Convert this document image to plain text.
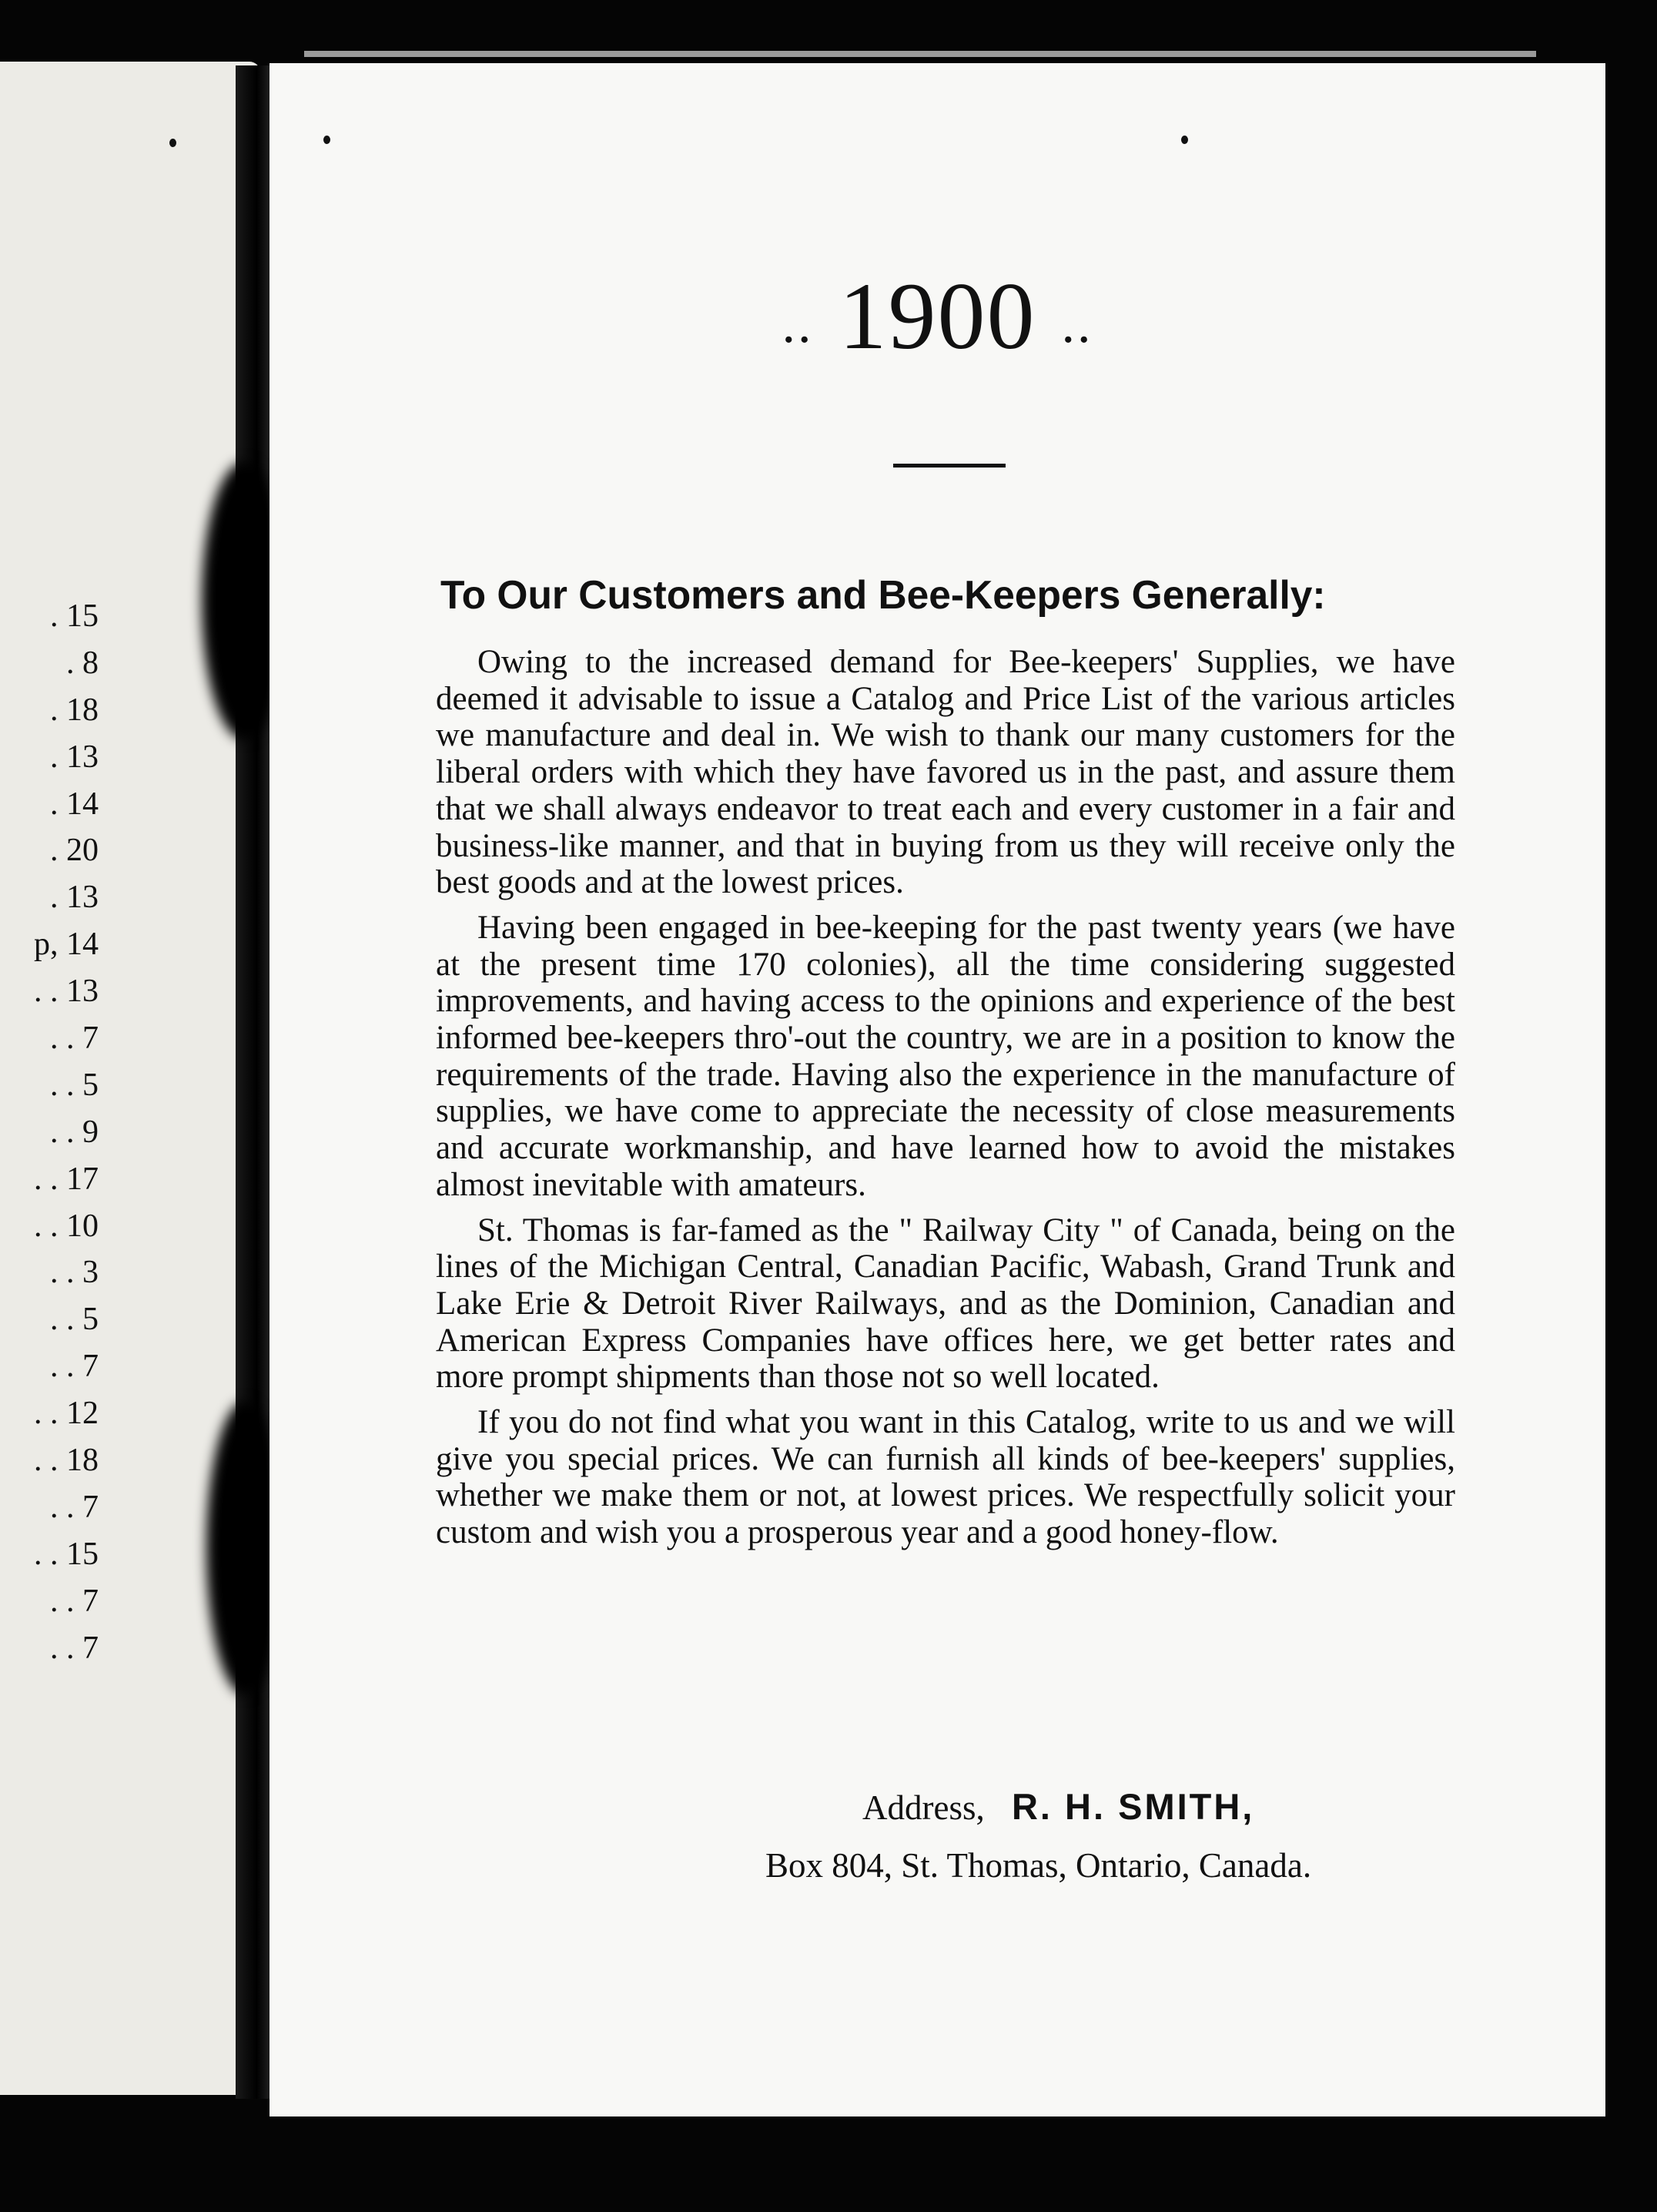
. 15
. 8
. 18
. 13
. 14
. 20
. 13
p, 14
. . 13
. . 7
. . 5
. . 9
. . 17
. . 10
. . 3
. . 5
. . 7
. . 12
. . 18
. . 7
. . 15
. . 7
. . 7
.. 1900 ..
To Our Customers and Bee-Keepers Generally:

Owing to the increased demand for Bee-keepers' Supplies, we have deemed it advisable to issue a Catalog and Price List of the various articles we manufacture and deal in. We wish to thank our many customers for the liberal orders with which they have favored us in the past, and assure them that we shall always endeavor to treat each and every customer in a fair and business-like manner, and that in buying from us they will receive only the best goods and at the lowest prices.

Having been engaged in bee-keeping for the past twenty years (we have at the present time 170 colonies), all the time considering suggested improvements, and having access to the opinions and experience of the best informed bee-keepers thro'-out the country, we are in a position to know the requirements of the trade. Having also the experience in the manufacture of supplies, we have come to appreciate the necessity of close measurements and accurate workmanship, and have learned how to avoid the mistakes almost inevitable with amateurs.

St. Thomas is far-famed as the " Railway City " of Canada, being on the lines of the Michigan Central, Canadian Pacific, Wabash, Grand Trunk and Lake Erie & Detroit River Railways, and as the Dominion, Canadian and American Express Companies have offices here, we get better rates and more prompt shipments than those not so well located.

If you do not find what you want in this Catalog, write to us and we will give you special prices. We can furnish all kinds of bee-keepers' supplies, whether we make them or not, at lowest prices. We respectfully solicit your custom and wish you a prosperous year and a good honey-flow.

Address, R. H. SMITH,
Box 804, St. Thomas, Ontario, Canada.
